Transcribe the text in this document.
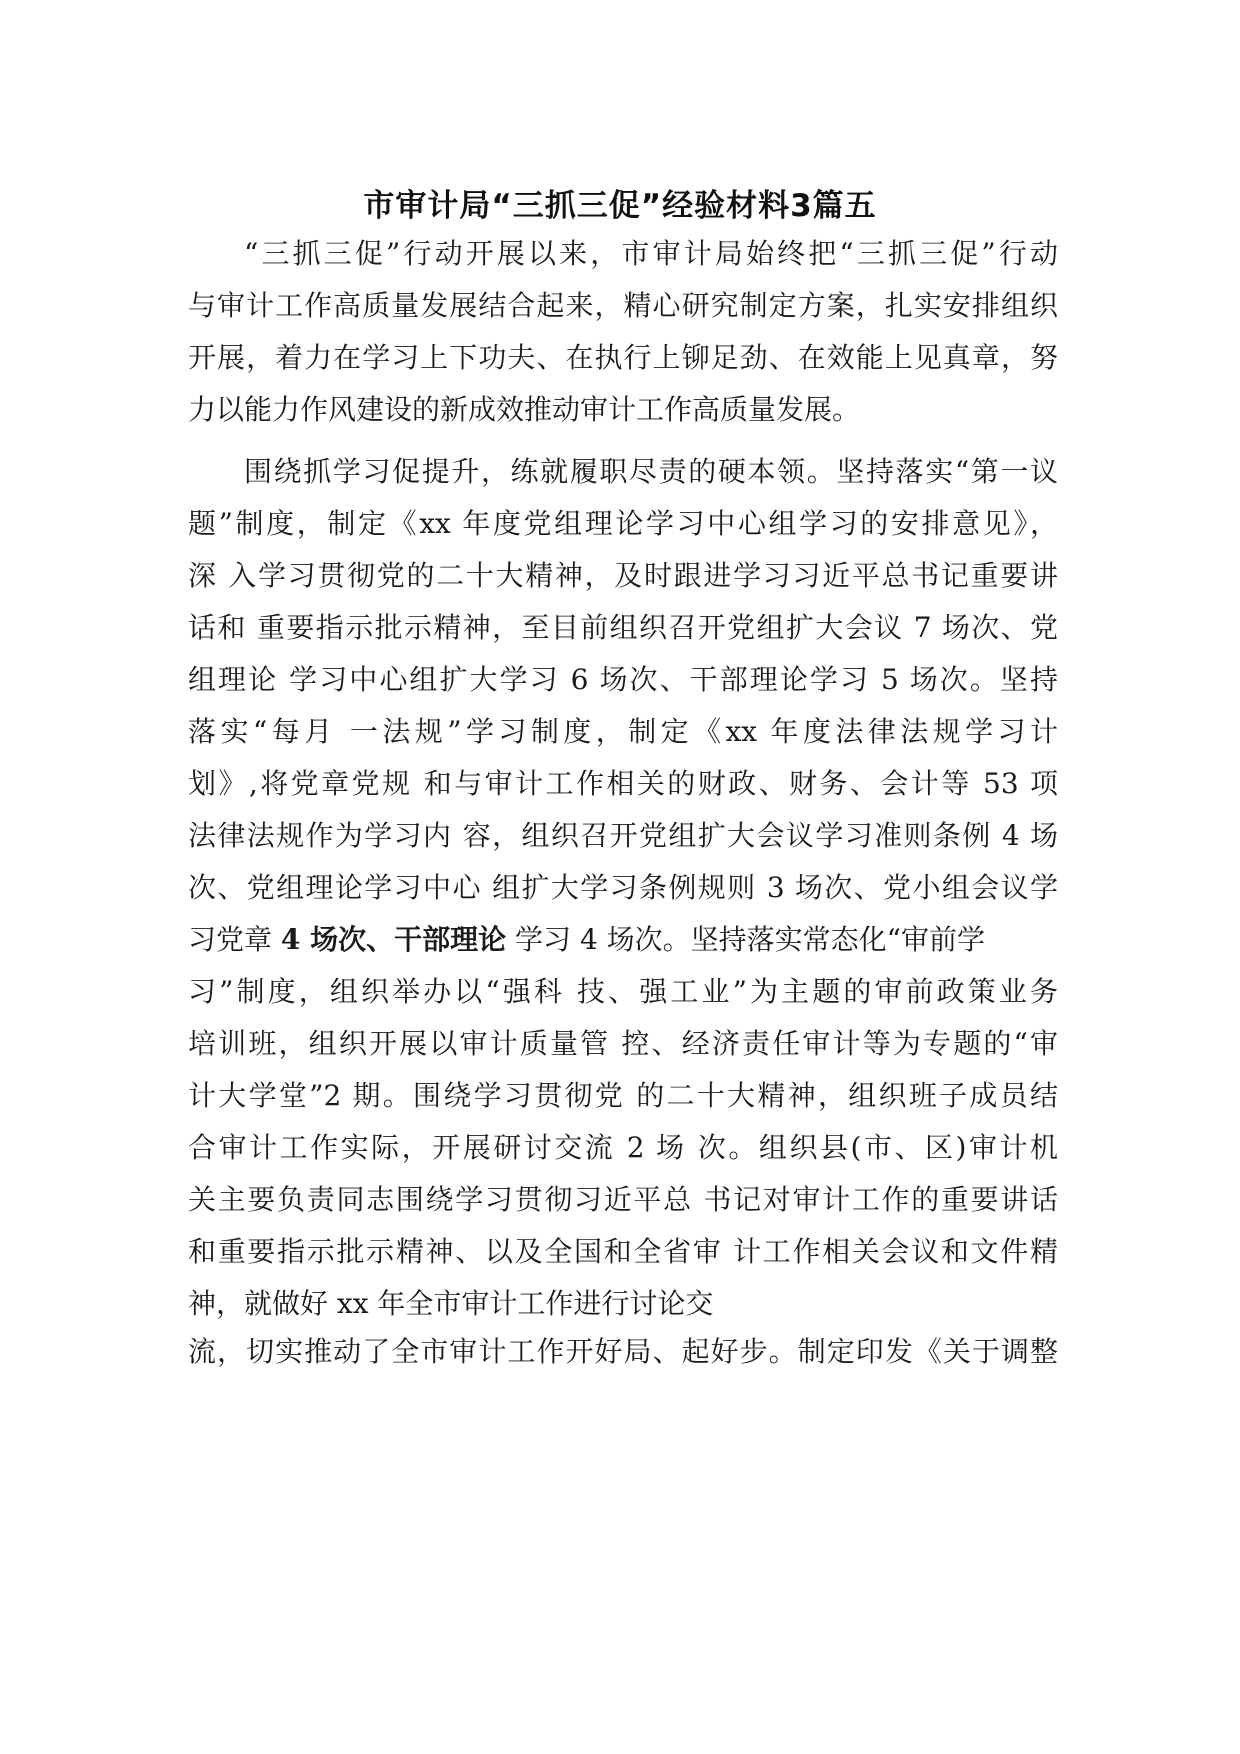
市审计局“三抓三促”经验材料3篇五
“三抓三促”行动开展以来，市审计局始终把“三抓三促”行动
与审计工作高质量发展结合起来，精心研究制定方案，扎实安排组织
开展，着力在学习上下功夫、在执行上铆足劲、在效能上见真章，努
力以能力作风建设的新成效推动审计工作高质量发展。
围绕抓学习促提升，练就履职尽责的硬本领。坚持落实“第一议
题”制度，制定《xx 年度党组理论学习中心组学习的安排意见》，
深 入学习贯彻党的二十大精神，及时跟进学习习近平总书记重要讲
话和 重要指示批示精神，至目前组织召开党组扩大会议 7 场次、党
组理论 学习中心组扩大学习 6 场次、干部理论学习 5 场次。坚持
落实“每月 一法规”学习制度，制定《xx 年度法律法规学习计
划》,将党章党规 和与审计工作相关的财政、财务、会计等 53 项
法律法规作为学习内 容，组织召开党组扩大会议学习准则条例 4 场
次、党组理论学习中心 组扩大学习条例规则 3 场次、党小组会议学
习党章 4 场次、干部理论 学习 4 场次。坚持落实常态化“审前学
习”制度，组织举办以“强科 技、强工业”为主题的审前政策业务
培训班，组织开展以审计质量管 控、经济责任审计等为专题的“审
计大学堂”2 期。围绕学习贯彻党 的二十大精神，组织班子成员结
合审计工作实际，开展研讨交流 2 场 次。组织县(市、区)审计机
关主要负责同志围绕学习贯彻习近平总 书记对审计工作的重要讲话
和重要指示批示精神、以及全国和全省审 计工作相关会议和文件精
神，就做好 xx 年全市审计工作进行讨论交
流，切实推动了全市审计工作开好局、起好步。制定印发《关于调整
